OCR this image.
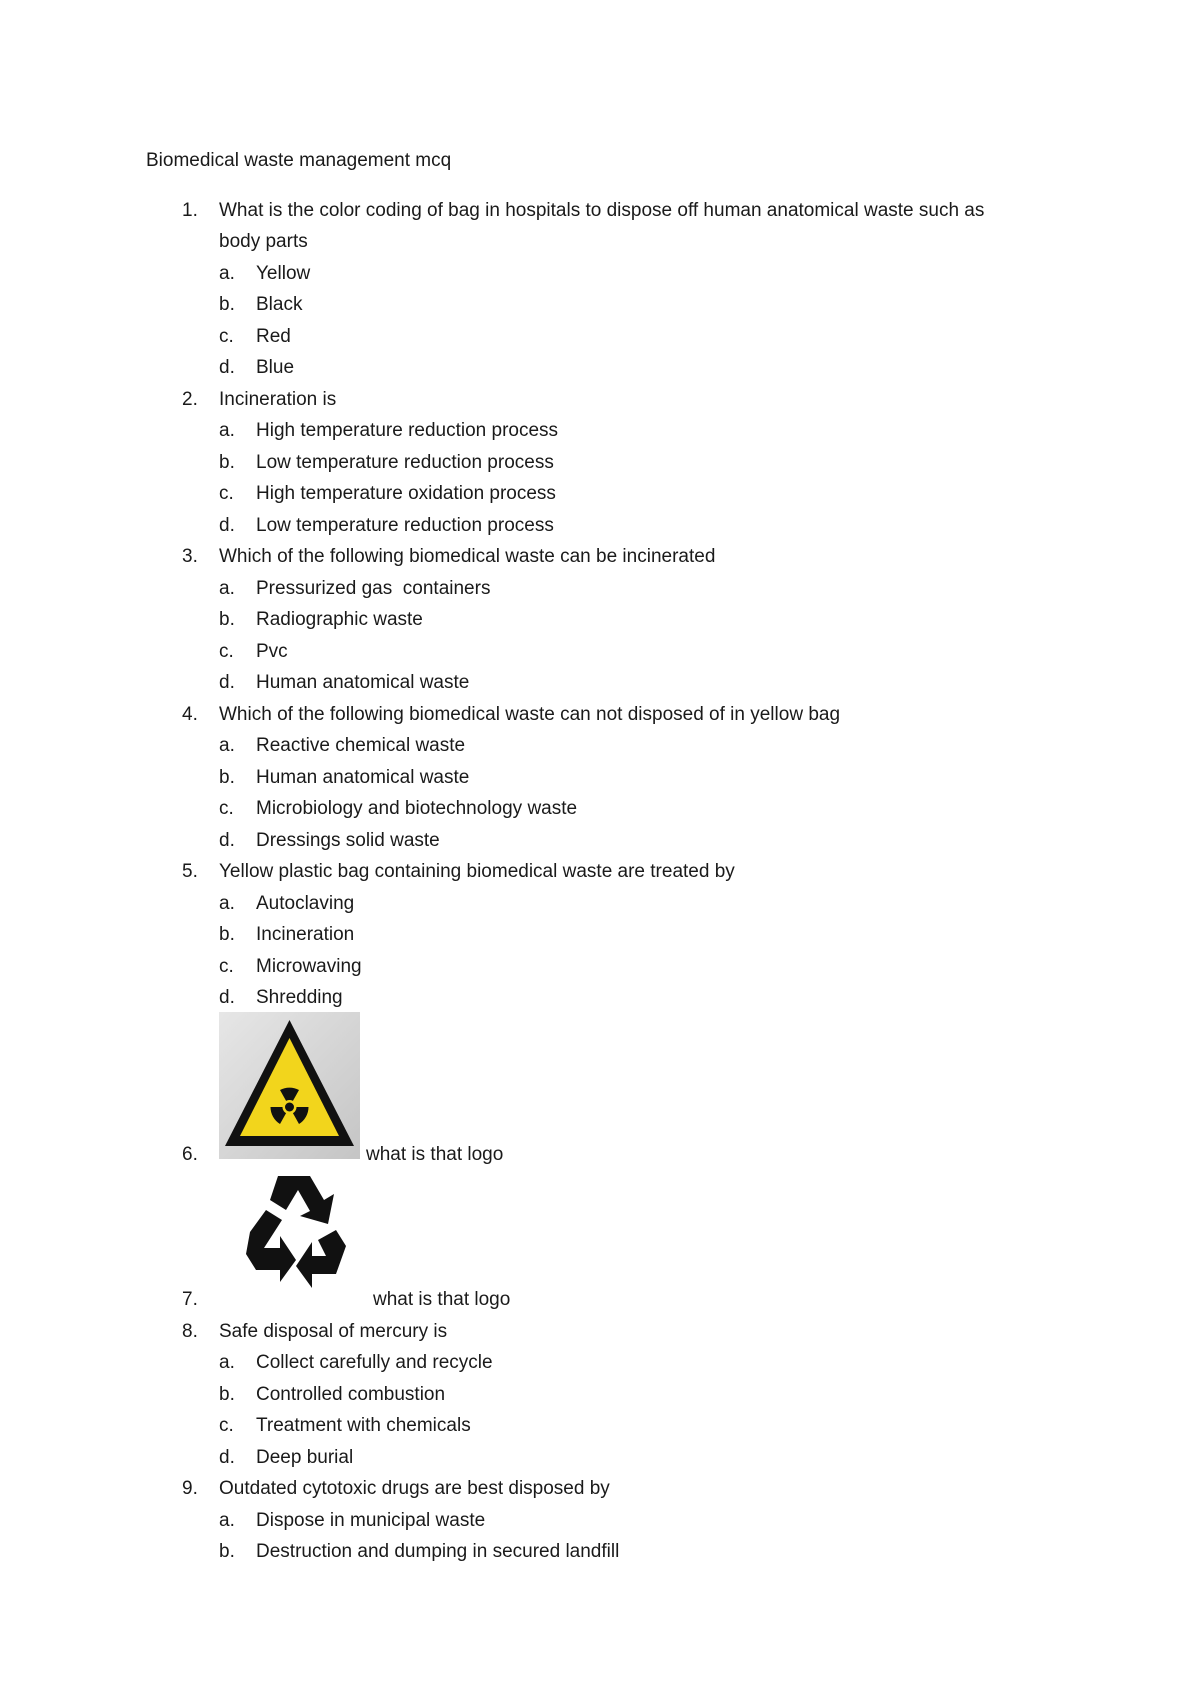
Biomedical waste management mcq
1.	What is the color coding of bag in hospitals to dispose off human anatomical waste such as
body parts
a. Yellow
b. Black
c. Red
d. Blue
2.	Incineration is
a. High temperature reduction process
b. Low temperature reduction process
c. High temperature oxidation process
d. Low temperature reduction process
3.	Which of the following biomedical waste can be incinerated
a. Pressurized gas  containers
b. Radiographic waste
c. Pvc
d. Human anatomical waste
4.	Which of the following biomedical waste can not disposed of in yellow bag
a. Reactive chemical waste
b. Human anatomical waste
c. Microbiology and biotechnology waste
d. Dressings solid waste
5.	Yellow plastic bag containing biomedical waste are treated by
a. Autoclaving
b. Incineration
c. Microwaving
d. Shredding
6.	what is that logo
7.	what is that logo
8.	Safe disposal of mercury is
a. Collect carefully and recycle
b. Controlled combustion
c. Treatment with chemicals
d. Deep burial
9.	Outdated cytotoxic drugs are best disposed by
a. Dispose in municipal waste
b. Destruction and dumping in secured landfill
